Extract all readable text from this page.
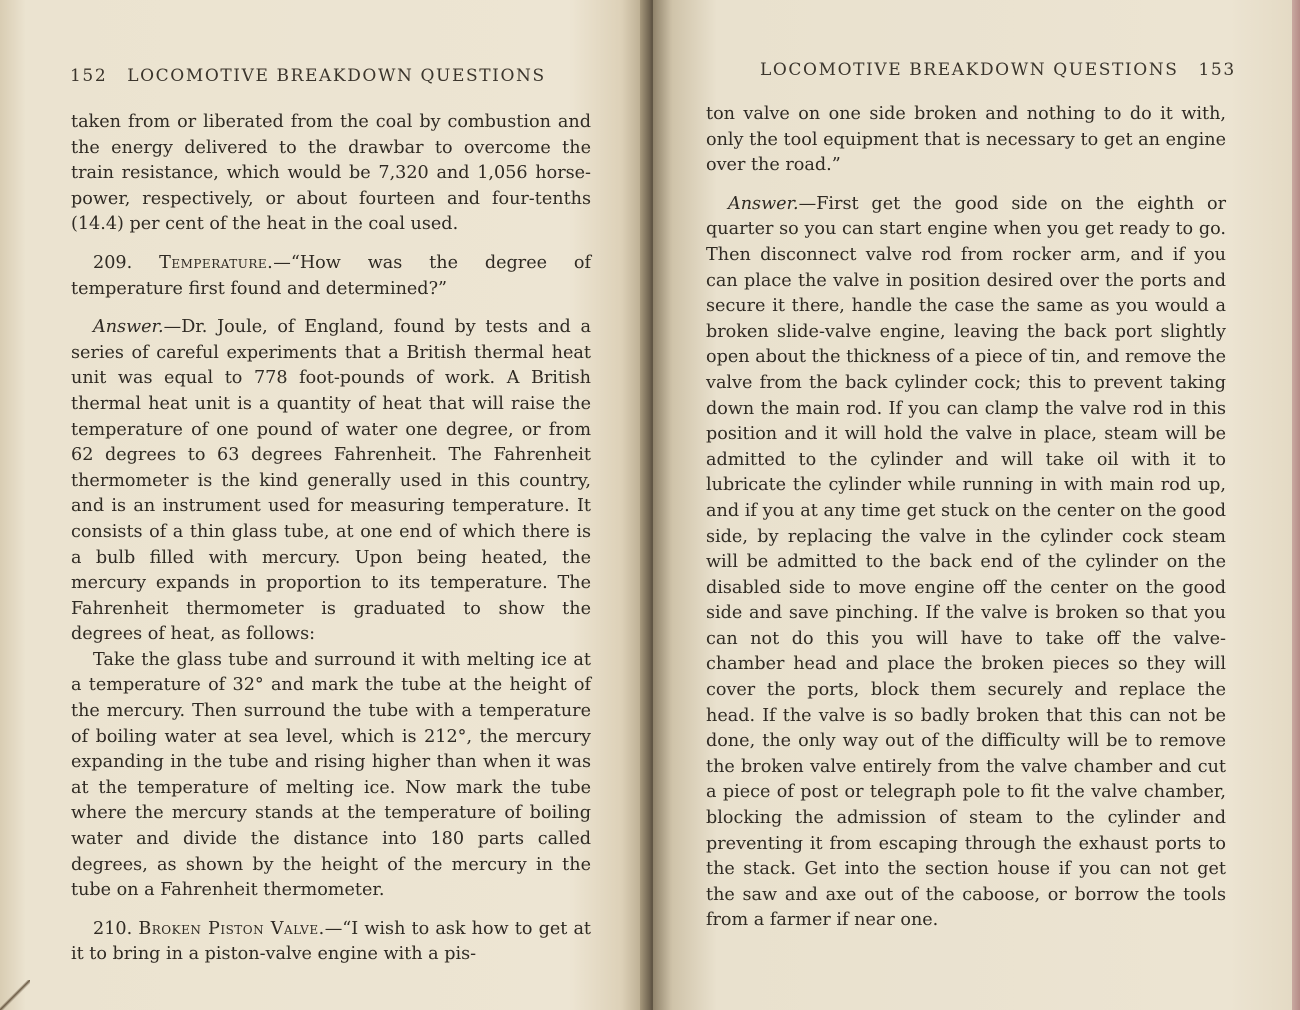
152 LOCOMOTIVE BREAKDOWN QUESTIONS

taken from or liberated from the coal by combustion and the energy delivered to the drawbar to overcome the train resistance, which would be 7,320 and 1,056 horse-power, respectively, or about fourteen and four-tenths (14.4) per cent of the heat in the coal used.

209. Temperature.—“How was the degree of temperature first found and determined?”

Answer.—Dr. Joule, of England, found by tests and a series of careful experiments that a British thermal heat unit was equal to 778 foot-pounds of work. A British thermal heat unit is a quantity of heat that will raise the temperature of one pound of water one degree, or from 62 degrees to 63 degrees Fahrenheit. The Fahrenheit thermometer is the kind generally used in this country, and is an instrument used for measuring temperature. It consists of a thin glass tube, at one end of which there is a bulb filled with mercury. Upon being heated, the mercury expands in proportion to its temperature. The Fahrenheit thermometer is graduated to show the degrees of heat, as follows:

Take the glass tube and surround it with melting ice at a temperature of 32° and mark the tube at the height of the mercury. Then surround the tube with a temperature of boiling water at sea level, which is 212°, the mercury expanding in the tube and rising higher than when it was at the temperature of melting ice. Now mark the tube where the mercury stands at the temperature of boiling water and divide the distance into 180 parts called degrees, as shown by the height of the mercury in the tube on a Fahrenheit thermometer.

210. Broken Piston Valve.—“I wish to ask how to get at it to bring in a piston-valve engine with a pis-

LOCOMOTIVE BREAKDOWN QUESTIONS 153

ton valve on one side broken and nothing to do it with, only the tool equipment that is necessary to get an engine over the road.”

Answer.—First get the good side on the eighth or quarter so you can start engine when you get ready to go. Then disconnect valve rod from rocker arm, and if you can place the valve in position desired over the ports and secure it there, handle the case the same as you would a broken slide-valve engine, leaving the back port slightly open about the thickness of a piece of tin, and remove the valve from the back cylinder cock; this to prevent taking down the main rod. If you can clamp the valve rod in this position and it will hold the valve in place, steam will be admitted to the cylinder and will take oil with it to lubricate the cylinder while running in with main rod up, and if you at any time get stuck on the center on the good side, by replacing the valve in the cylinder cock steam will be admitted to the back end of the cylinder on the disabled side to move engine off the center on the good side and save pinching. If the valve is broken so that you can not do this you will have to take off the valve-chamber head and place the broken pieces so they will cover the ports, block them securely and replace the head. If the valve is so badly broken that this can not be done, the only way out of the difficulty will be to remove the broken valve entirely from the valve chamber and cut a piece of post or telegraph pole to fit the valve chamber, blocking the admission of steam to the cylinder and preventing it from escaping through the exhaust ports to the stack. Get into the section house if you can not get the saw and axe out of the caboose, or borrow the tools from a farmer if near one.
